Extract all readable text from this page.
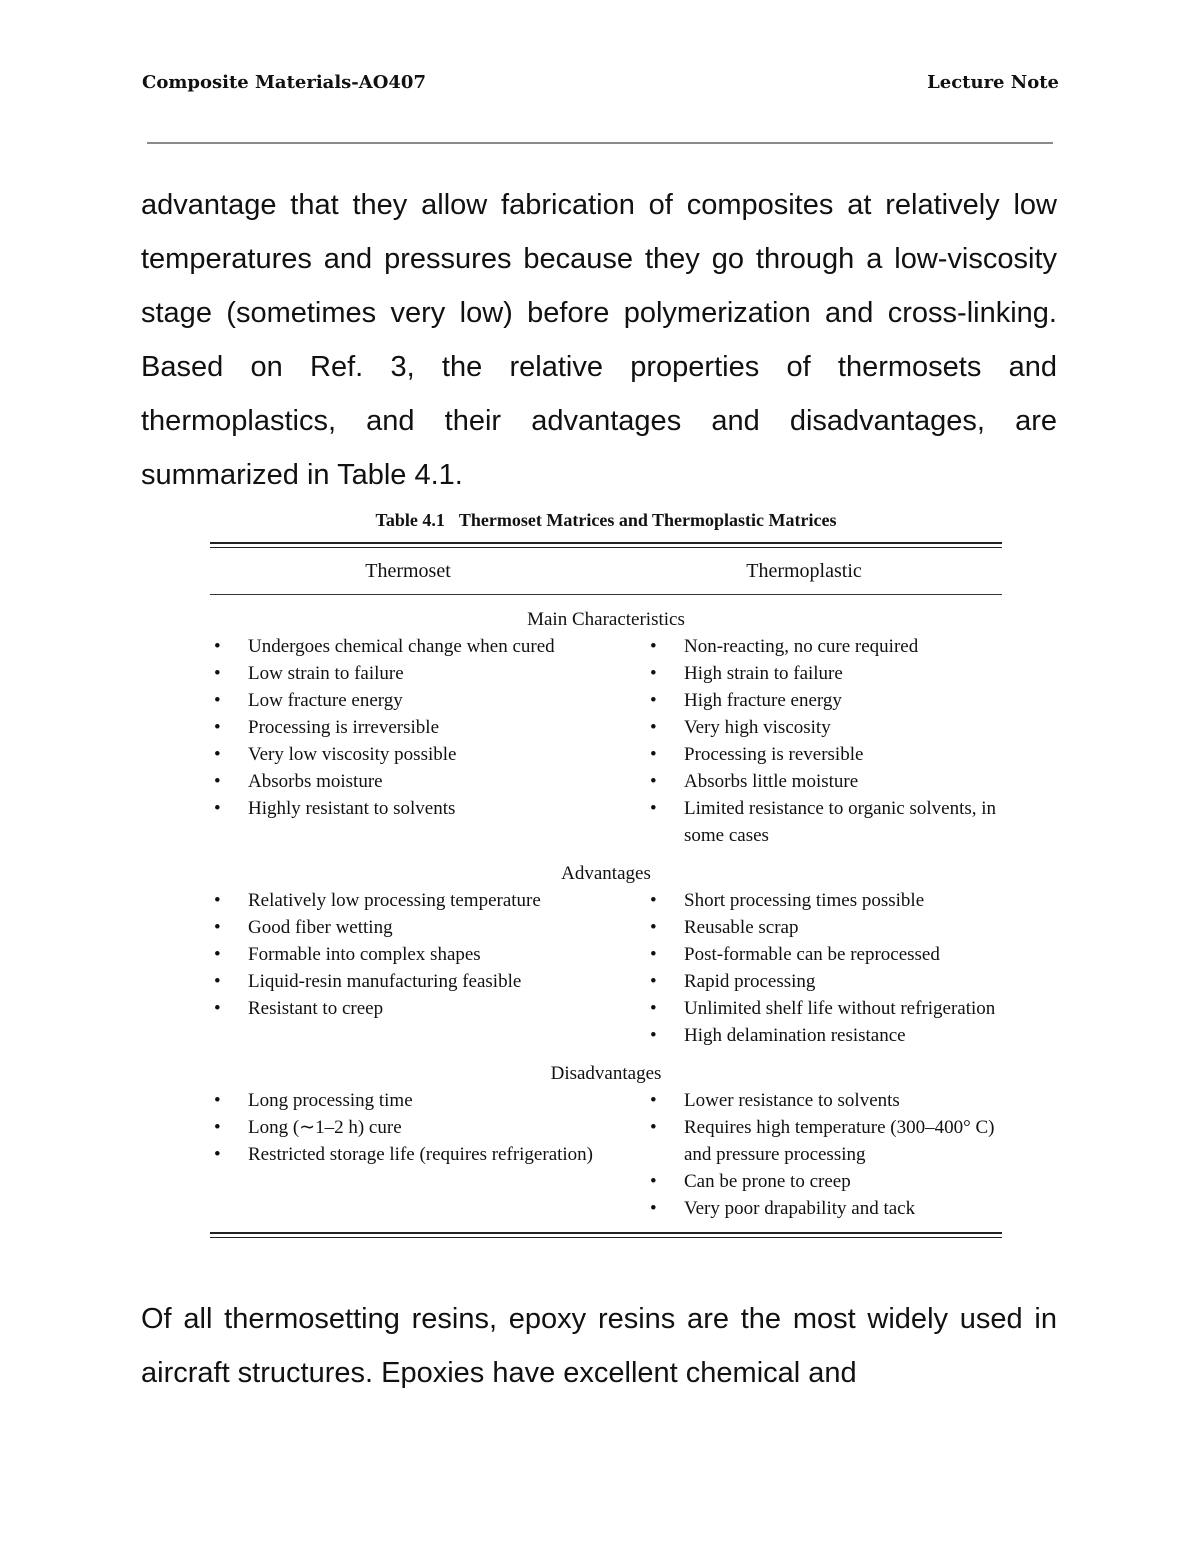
Composite Materials-AO407	Lecture Note

advantage that they allow fabrication of composites at relatively low temperatures and pressures because they go through a low-viscosity stage (sometimes very low) before polymerization and cross-linking. Based on Ref. 3, the relative properties of thermosets and thermoplastics, and their advantages and disadvantages, are summarized in Table 4.1.

Table 4.1 Thermoset Matrices and Thermoplastic Matrices
Thermoset	Thermoplastic
Main Characteristics
• Undergoes chemical change when cured
• Low strain to failure
• Low fracture energy
• Processing is irreversible
• Very low viscosity possible
• Absorbs moisture
• Highly resistant to solvents
• Non-reacting, no cure required
• High strain to failure
• High fracture energy
• Very high viscosity
• Processing is reversible
• Absorbs little moisture
• Limited resistance to organic solvents, in some cases
Advantages
• Relatively low processing temperature
• Good fiber wetting
• Formable into complex shapes
• Liquid-resin manufacturing feasible
• Resistant to creep
• Short processing times possible
• Reusable scrap
• Post-formable can be reprocessed
• Rapid processing
• Unlimited shelf life without refrigeration
• High delamination resistance
Disadvantages
• Long processing time
• Long (∼1–2 h) cure
• Restricted storage life (requires refrigeration)
• Lower resistance to solvents
• Requires high temperature (300–400° C) and pressure processing
• Can be prone to creep
• Very poor drapability and tack

Of all thermosetting resins, epoxy resins are the most widely used in aircraft structures. Epoxies have excellent chemical and
